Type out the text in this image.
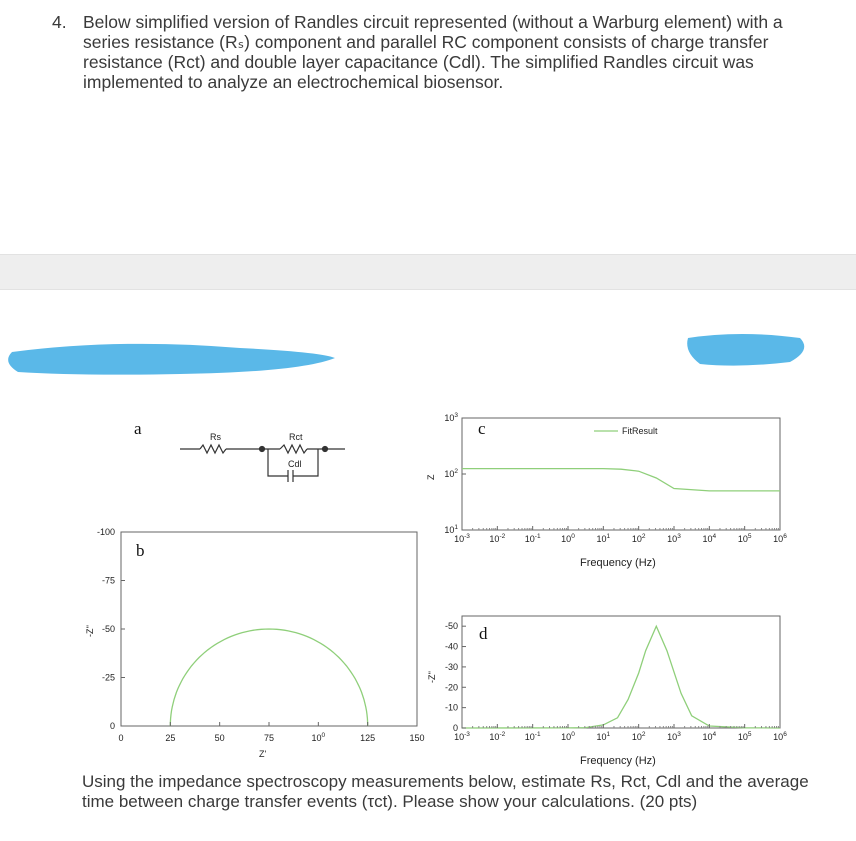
4. Below simplified version of Randles circuit represented (without a Warburg element) with a
series resistance (Rₛ) component and parallel RC component consists of charge transfer
resistance (Rct) and double layer capacitance (Cdl). The simplified Randles circuit was
implemented to analyze an electrochemical biosensor.
a
b
c
d
Rs	Rct
Cdl
0	25	50	75	$10^0$	125	150
0
-25
-50
-75
-100
Z'
-Z''
FitResult
$10^{-3}$ $10^{-2}$ $10^{-1}$ $10^0$ $10^1$ $10^2$ $10^3$ $10^4$ $10^5$ $10^6$
$10^1$
$10^2$
$10^3$
Frequency (Hz)
Z
$10^{-3}$ $10^{-2}$ $10^{-1}$ $10^0$ $10^1$ $10^2$ $10^3$ $10^4$ $10^5$ $10^6$
0
-10
-20
-30
-40
-50
Frequency (Hz)
-Z''
Using the impedance spectroscopy measurements below, estimate Rs, Rct, Cdl and the average
time between charge transfer events (τct). Please show your calculations. (20 pts)
